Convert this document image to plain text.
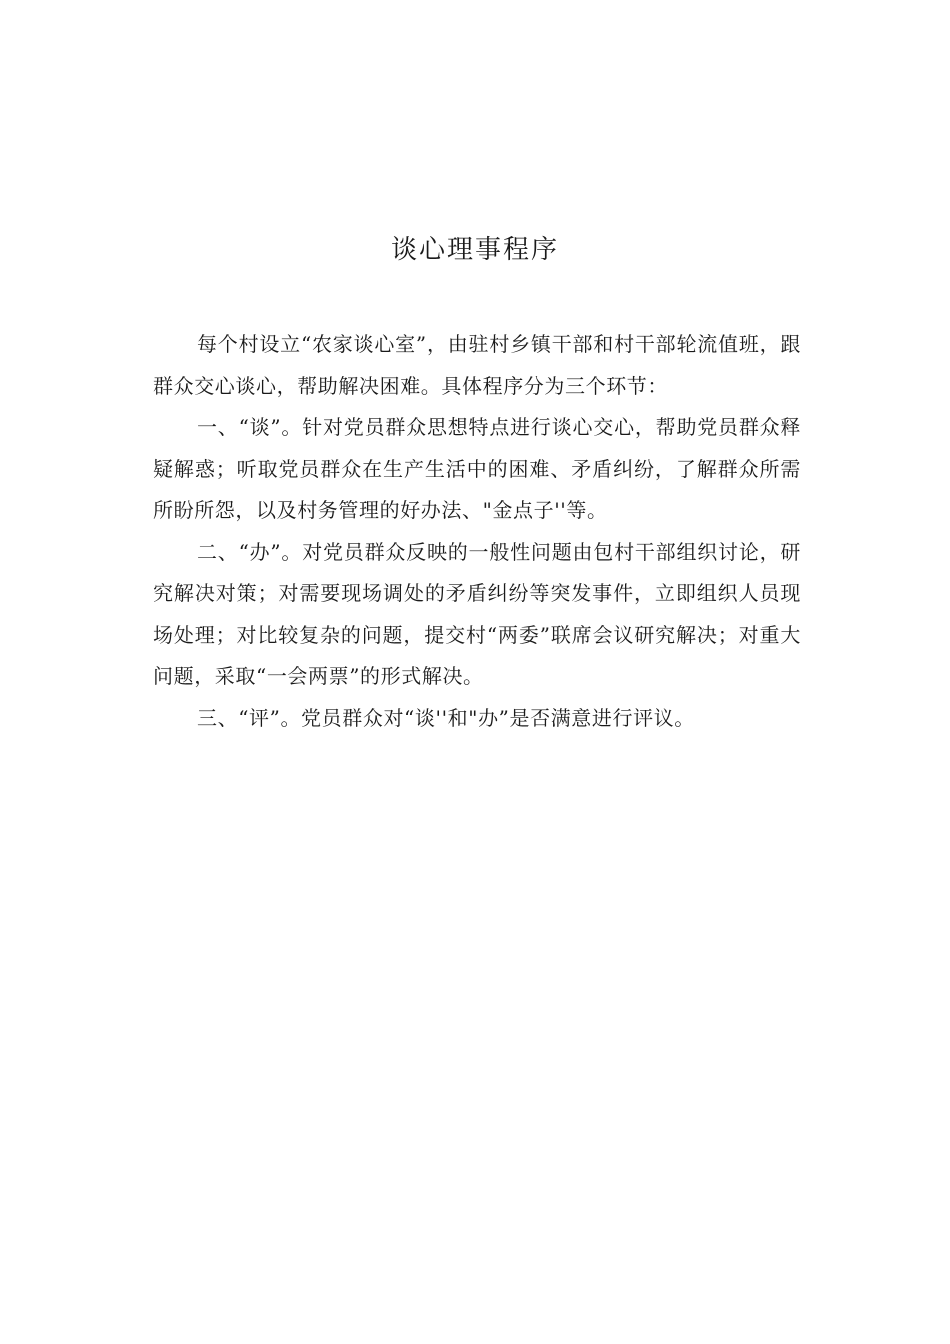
谈心理事程序

每个村设立“农家谈心室”，由驻村乡镇干部和村干部轮流值班，跟群众交心谈心，帮助解决困难。具体程序分为三个环节：

一、“谈”。针对党员群众思想特点进行谈心交心，帮助党员群众释疑解惑；听取党员群众在生产生活中的困难、矛盾纠纷，了解群众所需所盼所怨，以及村务管理的好办法、"金点子''等。

二、“办”。对党员群众反映的一般性问题由包村干部组织讨论，研究解决对策；对需要现场调处的矛盾纠纷等突发事件，立即组织人员现场处理；对比较复杂的问题，提交村“两委”联席会议研究解决；对重大问题，采取“一会两票”的形式解决。

三、“评”。党员群众对“谈''和"办”是否满意进行评议。
